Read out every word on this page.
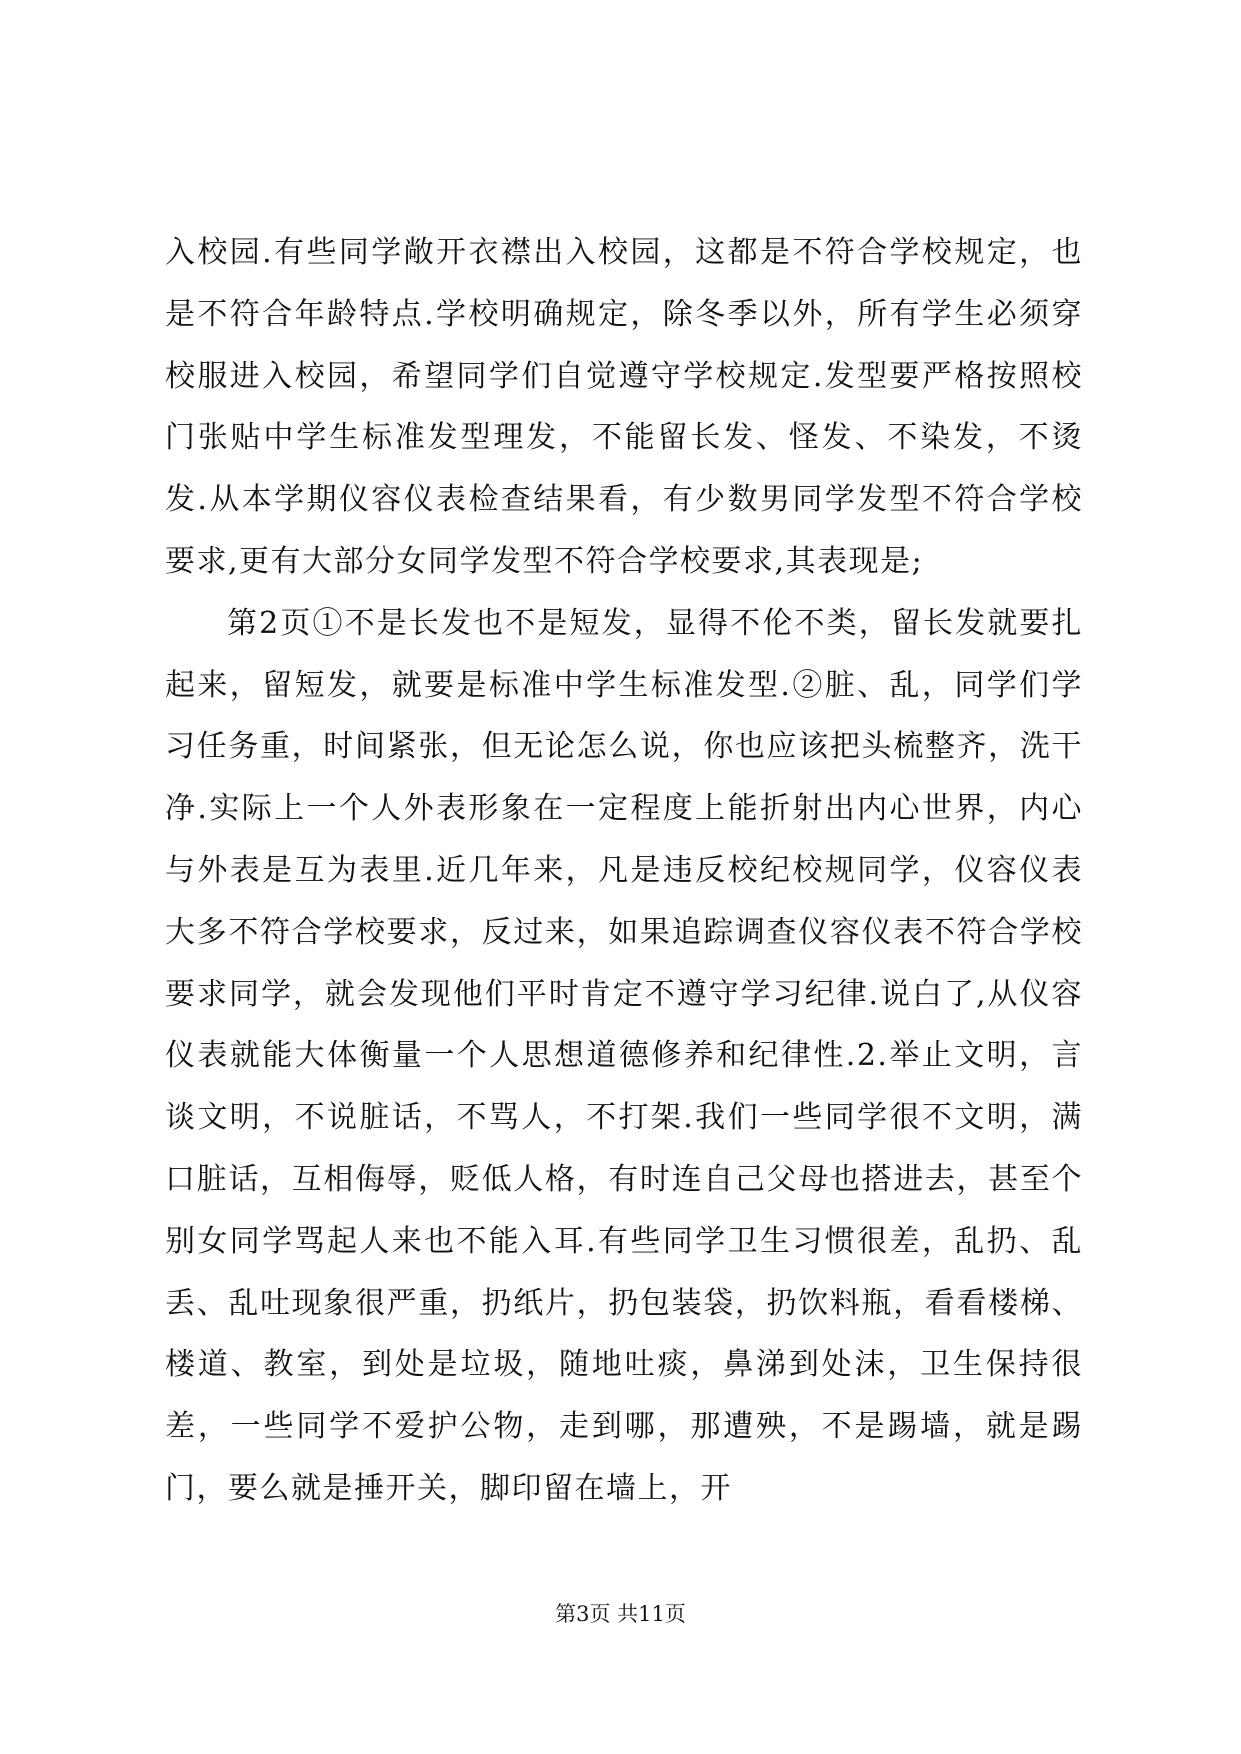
入校园.有些同学敞开衣襟出入校园，这都是不符合学校规定，也是不符合年龄特点.学校明确规定，除冬季以外，所有学生必须穿校服进入校园，希望同学们自觉遵守学校规定.发型要严格按照校门张贴中学生标准发型理发，不能留长发、怪发、不染发，不烫发.从本学期仪容仪表检查结果看，有少数男同学发型不符合学校要求,更有大部分女同学发型不符合学校要求,其表现是;

第2页①不是长发也不是短发，显得不伦不类，留长发就要扎起来，留短发，就要是标准中学生标准发型.②脏、乱，同学们学习任务重，时间紧张，但无论怎么说，你也应该把头梳整齐，洗干净.实际上一个人外表形象在一定程度上能折射出内心世界，内心与外表是互为表里.近几年来，凡是违反校纪校规同学，仪容仪表大多不符合学校要求，反过来，如果追踪调查仪容仪表不符合学校要求同学，就会发现他们平时肯定不遵守学习纪律.说白了,从仪容仪表就能大体衡量一个人思想道德修养和纪律性.2.举止文明，言谈文明，不说脏话，不骂人，不打架.我们一些同学很不文明，满口脏话，互相侮辱，贬低人格，有时连自己父母也搭进去，甚至个别女同学骂起人来也不能入耳.有些同学卫生习惯很差，乱扔、乱丢、乱吐现象很严重，扔纸片，扔包装袋，扔饮料瓶，看看楼梯、楼道、教室，到处是垃圾，随地吐痰，鼻涕到处沫，卫生保持很差，一些同学不爱护公物，走到哪，那遭殃，不是踢墙，就是踢门，要么就是捶开关，脚印留在墙上，开

第3页 共11页
